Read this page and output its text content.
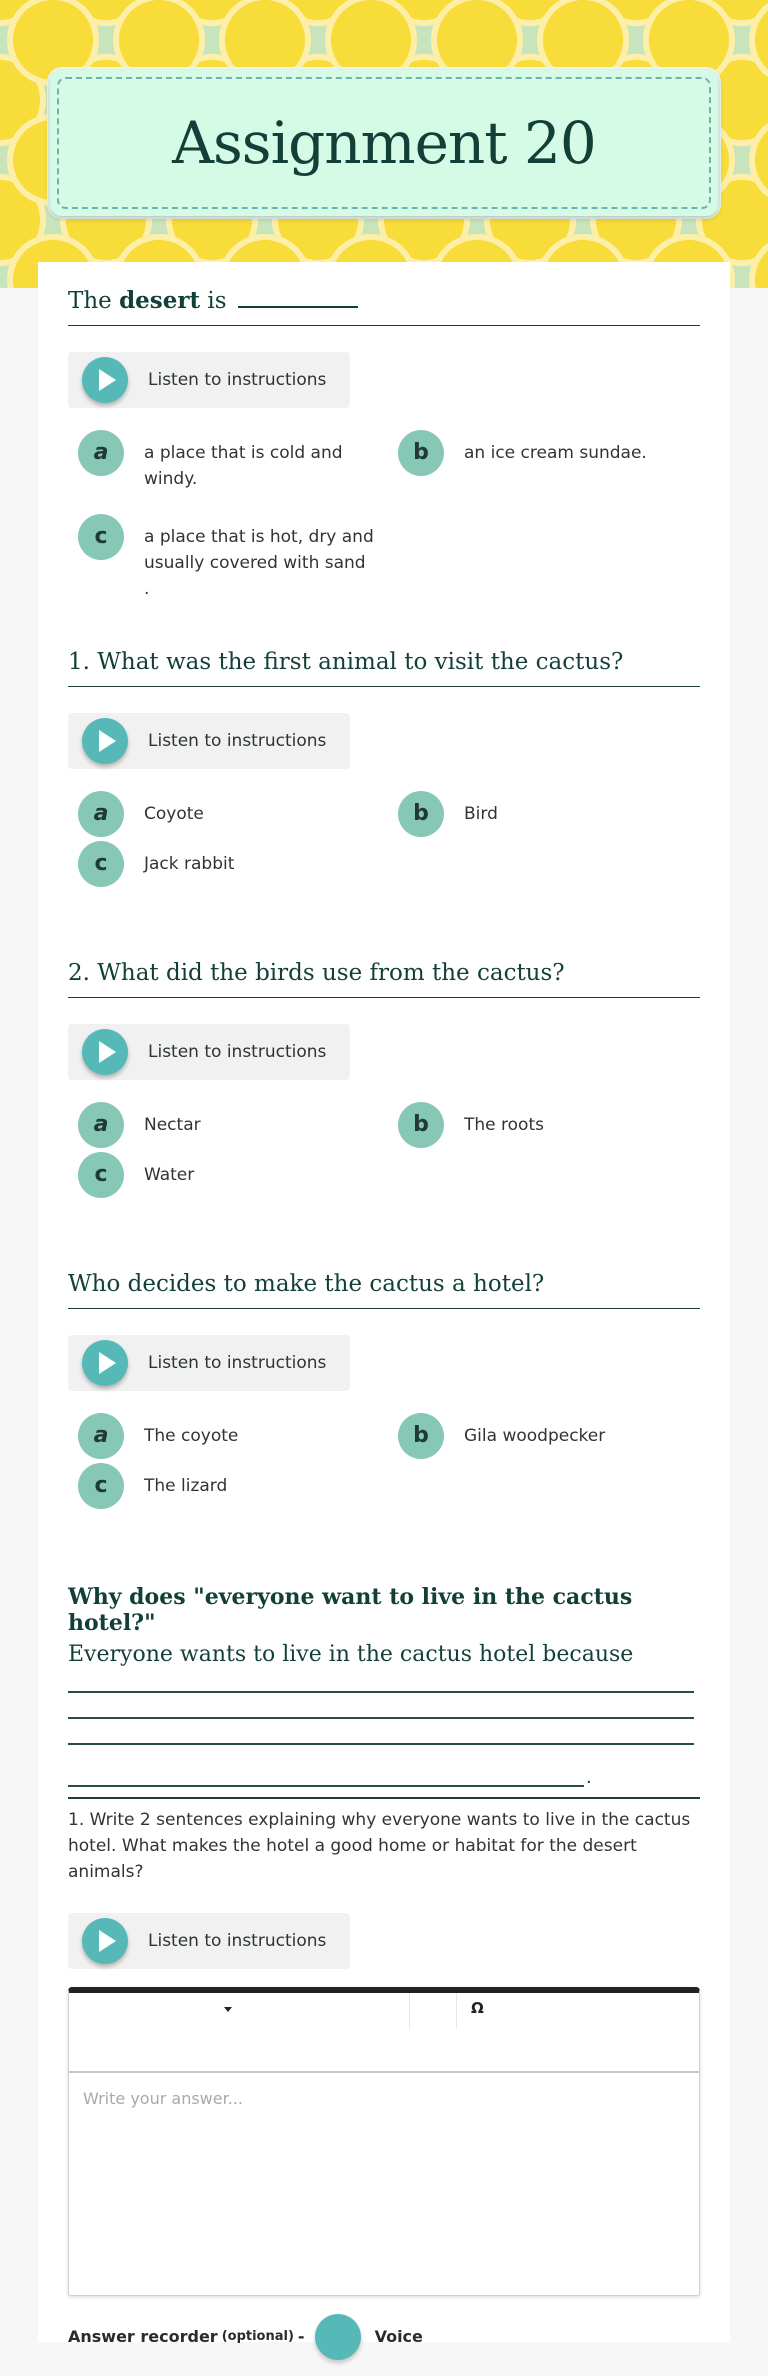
Assignment 20
The desert is
Listen to instructions
a	a place that is cold and windy.
b	an ice cream sundae.
c	a place that is hot, dry and usually covered with sand .
1. What was the first animal to visit the cactus?
Listen to instructions
a	Coyote	b	Bird
c	Jack rabbit
2. What did the birds use from the cactus?
Listen to instructions
a	Nectar	b	The roots
c	Water
Who decides to make the cactus a hotel?
Listen to instructions
a	The coyote	b	Gila woodpecker
c	The lizard
Why does "everyone want to live in the cactus hotel?"
Everyone wants to live in the cactus hotel because
.
1. Write 2 sentences explaining why everyone wants to live in the cactus hotel. What makes the hotel a good home or habitat for the desert animals?
Listen to instructions
Ω
Write your answer...
Answer recorder (optional) -	Voice
